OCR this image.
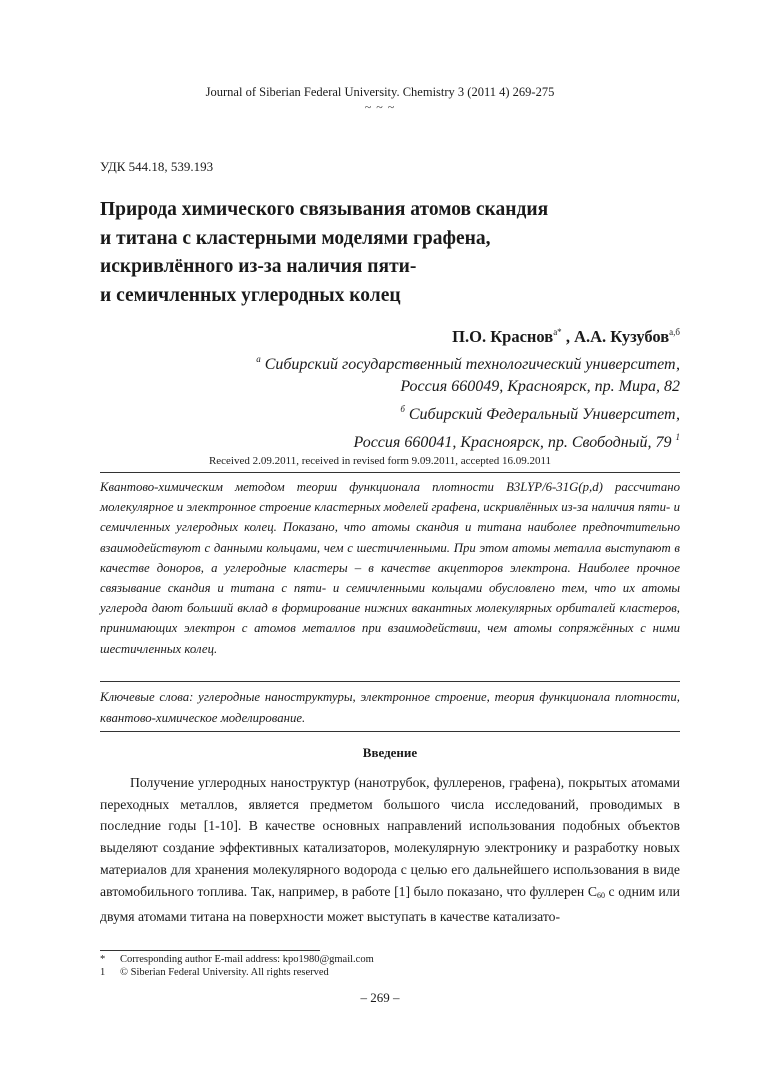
Journal of Siberian Federal University. Chemistry 3 (2011 4) 269-275
~ ~ ~
УДК 544.18, 539.193
Природа химического связывания атомов скандия
и титана с кластерными моделями графена,
искривлённого из-за наличия пяти-
и семичленных углеродных колец
П.О. Краснов$^{а*}$ , А.А. Кузубов$^{а,б}$
$^а$ Сибирский государственный технологический университет,
Россия 660049, Красноярск, пр. Мира, 82
$^б$ Сибирский Федеральный Университет,
Россия 660041, Красноярск, пр. Свободный, 79 $^1$
Received 2.09.2011, received in revised form 9.09.2011, accepted 16.09.2011
Квантово-химическим методом теории функционала плотности B3LYP/6-31G(p,d) рассчитано молекулярное и электронное строение кластерных моделей графена, искривлённых из-за наличия пяти- и семичленных углеродных колец. Показано, что атомы скандия и титана наиболее предпочтительно взаимодействуют с данными кольцами, чем с шестичленными. При этом атомы металла выступают в качестве доноров, а углеродные кластеры – в качестве акцепторов электрона. Наиболее прочное связывание скандия и титана с пяти- и семичленными кольцами обусловлено тем, что их атомы углерода дают больший вклад в формирование нижних вакантных молекулярных орбиталей кластеров, принимающих электрон с атомов металлов при взаимодействии, чем атомы сопряжённых с ними шестичленных колец.
Ключевые слова: углеродные наноструктуры, электронное строение, теория функционала плотности, квантово-химическое моделирование.
Введение

Получение углеродных наноструктур (нанотрубок, фуллеренов, графена), покрытых атомами переходных металлов, является предметом большого числа исследований, проводимых в последние годы [1-10]. В качестве основных направлений использования подобных объектов выделяют создание эффективных катализаторов, молекулярную электронику и разработку новых материалов для хранения молекулярного водорода с целью его дальнейшего использования в виде автомобильного топлива. Так, например, в работе [1] было показано, что фуллерен $C_{60}$ с одним или двумя атомами титана на поверхности может выступать в качестве катализато-

* Corresponding author E-mail address: kpo1980@gmail.com
1 © Siberian Federal University. All rights reserved
– 269 –
